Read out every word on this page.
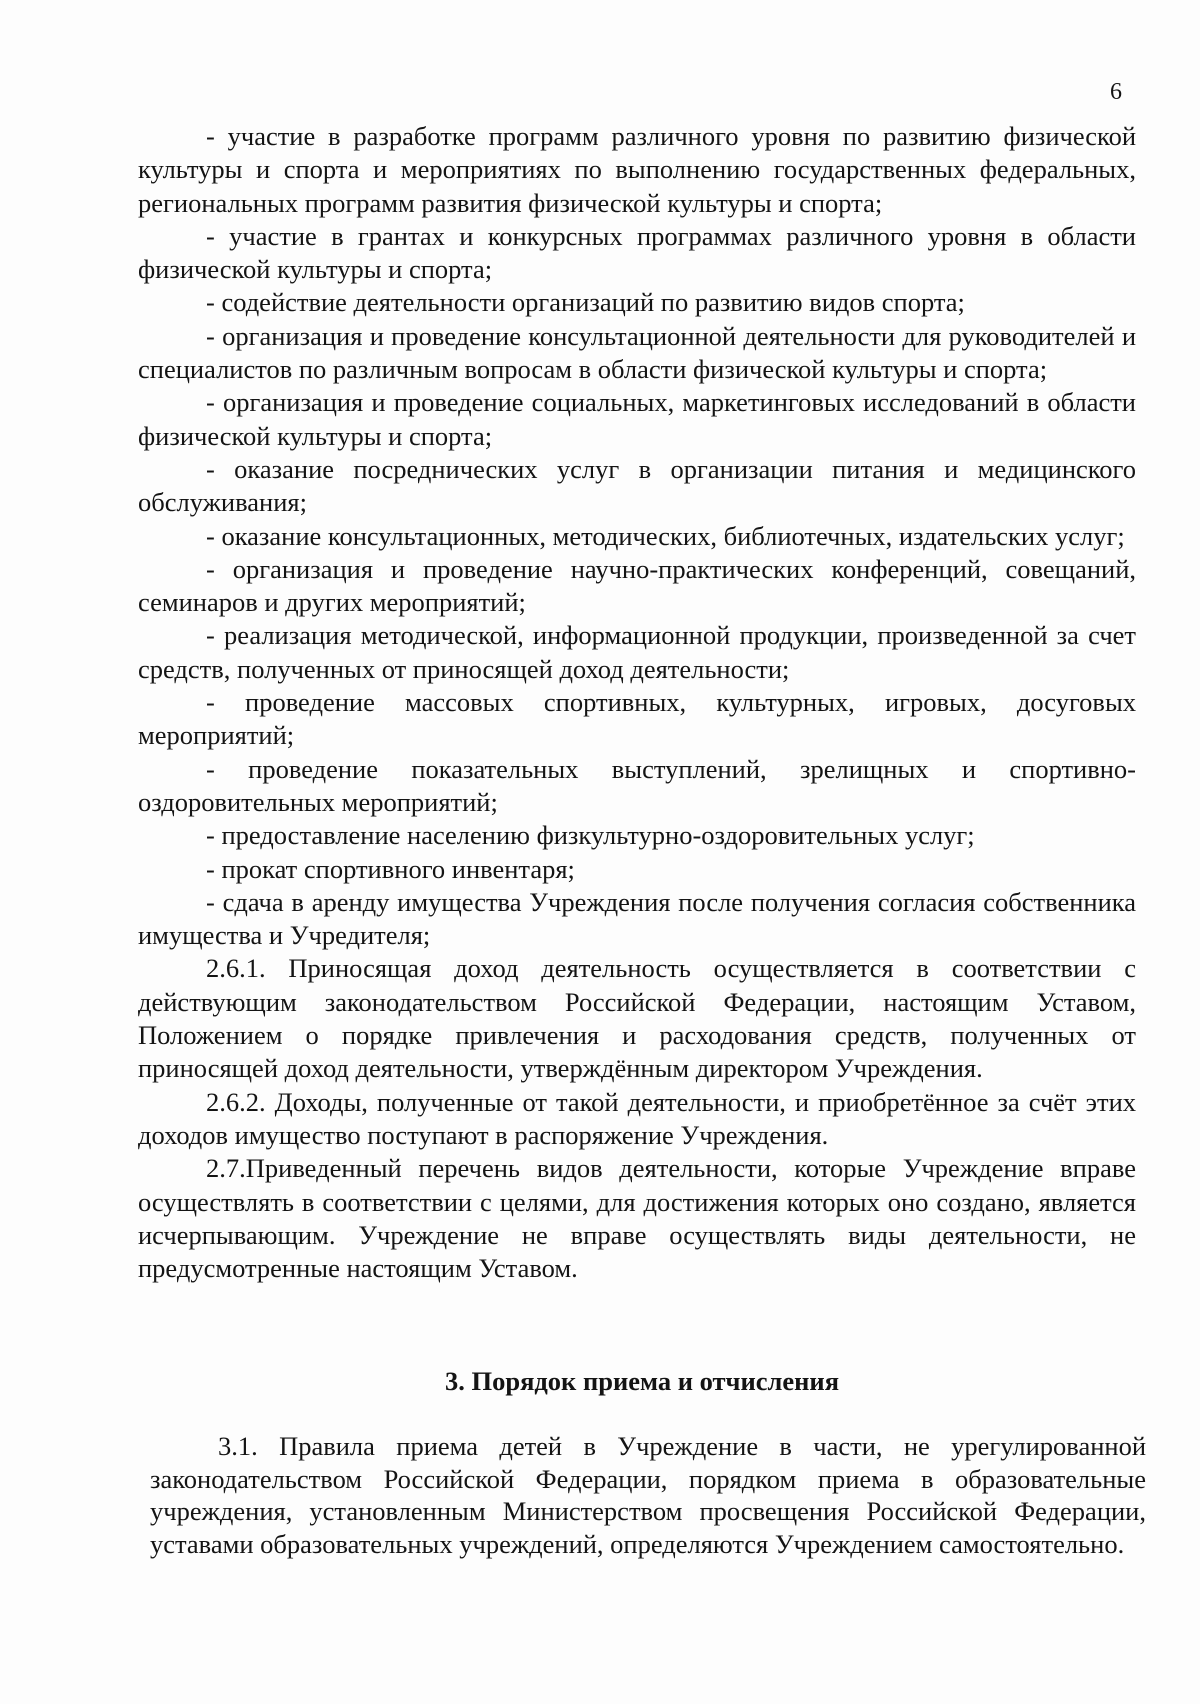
6

- участие в разработке программ различного уровня по развитию физической культуры и спорта и мероприятиях по выполнению государственных федеральных, региональных программ развития физической культуры и спорта;

- участие в грантах и конкурсных программах различного уровня в области физической культуры и спорта;

- содействие деятельности организаций по развитию видов спорта;

- организация и проведение консультационной деятельности для руководителей и специалистов по различным вопросам в области физической культуры и спорта;

- организация и проведение социальных, маркетинговых исследований в области физической культуры и спорта;

- оказание посреднических услуг в организации питания и медицинского обслуживания;

- оказание консультационных, методических, библиотечных, издательских услуг;

- организация и проведение научно-практических конференций, совещаний, семинаров и других мероприятий;

- реализация методической, информационной продукции, произведенной за счет средств, полученных от приносящей доход деятельности;

- проведение массовых спортивных, культурных, игровых, досуговых мероприятий;

- проведение показательных выступлений, зрелищных и спортивно-оздоровительных мероприятий;

- предоставление населению физкультурно-оздоровительных услуг;

- прокат спортивного инвентаря;

- сдача в аренду имущества Учреждения после получения согласия собственника имущества и Учредителя;

2.6.1. Приносящая доход деятельность осуществляется в соответствии с действующим законодательством Российской Федерации, настоящим Уставом, Положением о порядке привлечения и расходования средств, полученных от приносящей доход деятельности, утверждённым директором Учреждения.

2.6.2. Доходы, полученные от такой деятельности, и приобретённое за счёт этих доходов имущество поступают в распоряжение Учреждения.

2.7.Приведенный перечень видов деятельности, которые Учреждение вправе осуществлять в соответствии с целями, для достижения которых оно создано, является исчерпывающим. Учреждение не вправе осуществлять виды деятельности, не предусмотренные настоящим Уставом.

3. Порядок приема и отчисления

3.1. Правила приема детей в Учреждение в части, не урегулированной законодательством Российской Федерации, порядком приема в образовательные учреждения, установленным Министерством просвещения Российской Федерации, уставами образовательных учреждений, определяются Учреждением самостоятельно.
